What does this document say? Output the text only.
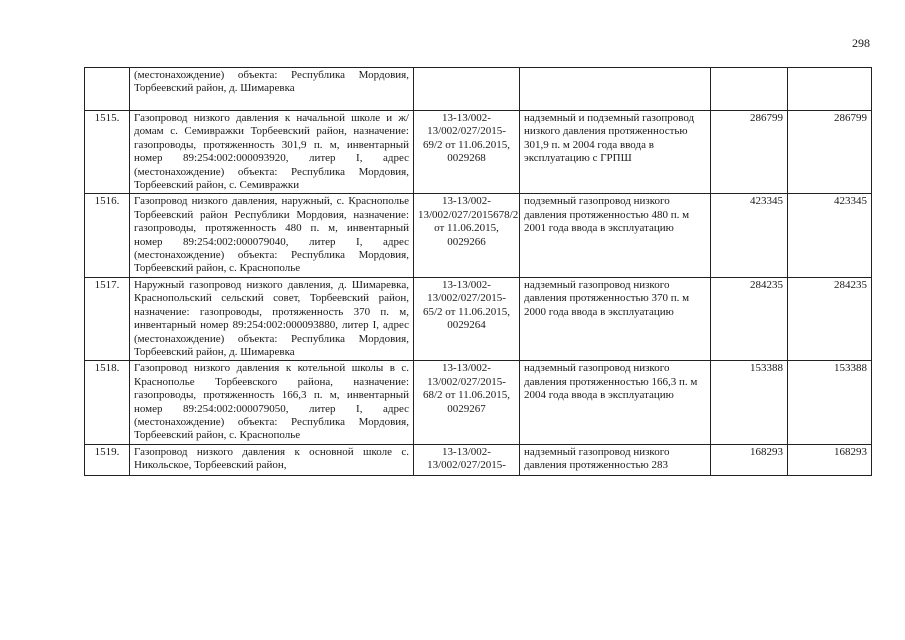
298
	(местонахождение) объекта: Республика Мордовия, Торбеевский район, д. Шимаревка				
1515.	Газопровод низкого давления к начальной школе и ж/домам с. Семивражки Торбеевский район, назначение: газопроводы, протяженность 301,9 п. м, инвентарный номер 89:254:002:000093920, литер I, адрес (местонахождение) объекта: Республика Мордовия, Торбеевский район, с. Семивражки	13-13/002-13/002/027/2015-69/2 от 11.06.2015, 0029268	надземный и подземный газопровод низкого давления протяженностью 301,9 п. м 2004 года ввода в эксплуатацию с ГРПШ	286799	286799
1516.	Газопровод низкого давления, наружный, с. Краснополье Торбеевский район Республики Мордовия, назначение: газопроводы, протяженность 480 п. м, инвентарный номер 89:254:002:000079040, литер I, адрес (местонахождение) объекта: Республика Мордовия, Торбеевский район, с. Краснополье	13-13/002-13/002/027/2015678/2 от 11.06.2015, 0029266	подземный газопровод низкого давления протяженностью 480 п. м 2001 года ввода в эксплуатацию	423345	423345
1517.	Наружный газопровод низкого давления, д. Шимаревка, Краснопольский сельский совет, Торбеевский район, назначение: газопроводы, протяженность 370 п. м, инвентарный номер 89:254:002:000093880, литер I, адрес (местонахождение) объекта: Республика Мордовия, Торбеевский район, д. Шимаревка	13-13/002-13/002/027/2015-65/2 от 11.06.2015, 0029264	надземный газопровод низкого давления протяженностью 370 п. м 2000 года ввода в эксплуатацию	284235	284235
1518.	Газопровод низкого давления к котельной школы в с. Краснополье Торбеевского района, назначение: газопроводы, протяженность 166,3 п. м, инвентарный номер 89:254:002:000079050, литер I, адрес (местонахождение) объекта: Республика Мордовия, Торбеевский район, с. Краснополье	13-13/002-13/002/027/2015-68/2 от 11.06.2015, 0029267	надземный газопровод низкого давления протяженностью 166,3 п. м 2004 года ввода в эксплуатацию	153388	153388
1519.	Газопровод низкого давления к основной школе с. Никольское, Торбеевский район,	13-13/002-13/002/027/2015-	надземный газопровод низкого давления протяженностью 283	168293	168293
